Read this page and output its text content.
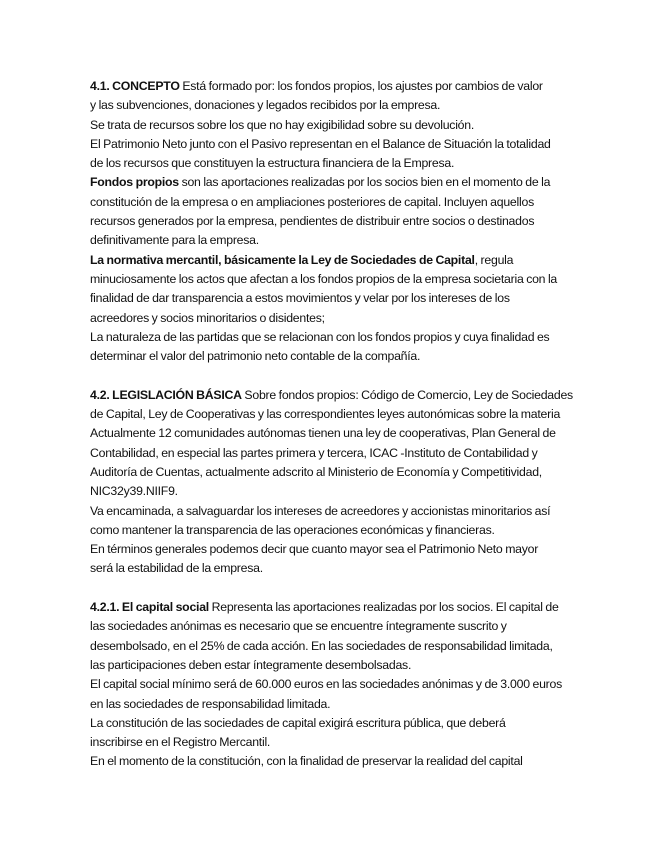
4.1. CONCEPTO Está formado por: los fondos propios, los ajustes por cambios de valor
y las subvenciones, donaciones y legados recibidos por la empresa.
Se trata de recursos sobre los que no hay exigibilidad sobre su devolución.
El Patrimonio Neto junto con el Pasivo representan en el Balance de Situación la totalidad
de los recursos que constituyen la estructura financiera de la Empresa.
Fondos propios son las aportaciones realizadas por los socios bien en el momento de la
constitución de la empresa o en ampliaciones posteriores de capital. Incluyen aquellos
recursos generados por la empresa, pendientes de distribuir entre socios o destinados
definitivamente para la empresa.
La normativa mercantil, básicamente la Ley de Sociedades de Capital, regula
minuciosamente los actos que afectan a los fondos propios de la empresa societaria con la
finalidad de dar transparencia a estos movimientos y velar por los intereses de los
acreedores y socios minoritarios o disidentes;
La naturaleza de las partidas que se relacionan con los fondos propios y cuya finalidad es
determinar el valor del patrimonio neto contable de la compañía.
4.2. LEGISLACIÓN BÁSICA Sobre fondos propios: Código de Comercio, Ley de Sociedades
de Capital, Ley de Cooperativas y las correspondientes leyes autonómicas sobre la materia
Actualmente 12 comunidades autónomas tienen una ley de cooperativas, Plan General de
Contabilidad, en especial las partes primera y tercera, ICAC -Instituto de Contabilidad y
Auditoría de Cuentas, actualmente adscrito al Ministerio de Economía y Competitividad,
NIC32y39.NIIF9.
Va encaminada, a salvaguardar los intereses de acreedores y accionistas minoritarios así
como mantener la transparencia de las operaciones económicas y financieras.
En términos generales podemos decir que cuanto mayor sea el Patrimonio Neto mayor
será la estabilidad de la empresa.
4.2.1. El capital social Representa las aportaciones realizadas por los socios. El capital de
las sociedades anónimas es necesario que se encuentre íntegramente suscrito y
desembolsado, en el 25% de cada acción. En las sociedades de responsabilidad limitada,
las participaciones deben estar íntegramente desembolsadas.
El capital social mínimo será de 60.000 euros en las sociedades anónimas y de 3.000 euros
en las sociedades de responsabilidad limitada.
La constitución de las sociedades de capital exigirá escritura pública, que deberá
inscribirse en el Registro Mercantil.
En el momento de la constitución, con la finalidad de preservar la realidad del capital
